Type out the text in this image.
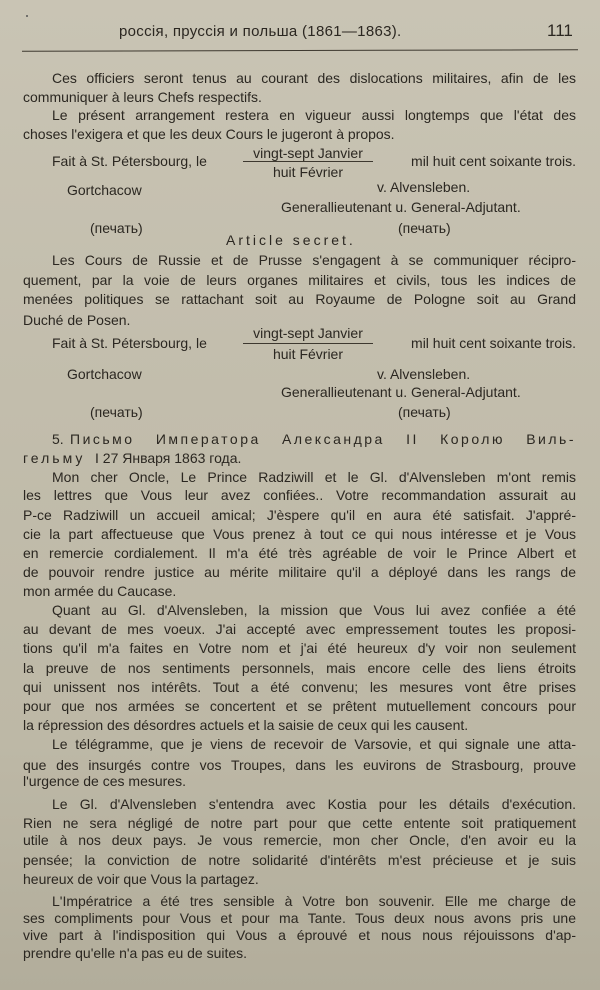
россія, пруссія и польша (1861—1863).	111
Ces officiers seront tenus au courant des dislocations militaires, afin de les
communiquer à leurs Chefs respectifs.
Le présent arrangement restera en vigueur aussi longtemps que l'état des
choses l'exigera et que les deux Cours le jugeront à propos.
Fait à St. Pétersbourg, le	vingt-sept Janvier
huit Février
mil huit cent soixante trois.
Gortchacow	v. Alvensleben.
Generallieutenant u. General-Adjutant.
(печать)	(печать)
Article secret.
Les Cours de Russie et de Prusse s'engagent à se communiquer récipro-
quement, par la voie de leurs organes militaires et civils, tous les indices de
menées politiques se rattachant soit au Royaume de Pologne soit au Grand
Duché de Posen.
Fait à St. Pétersbourg, le
vingt-sept Janvier
huit Février
mil huit cent soixante trois.
Gortchacow	v. Alvensleben.
Generallieutenant u. General-Adjutant.
(печать)	(печать)
5. Письмо Императора Александра II Королю Виль-
гельму I 27 Января 1863 года.
Mon cher Oncle, Le Prince Radziwill et le Gl. d'Alvensleben m'ont remis
les lettres que Vous leur avez confiées.. Votre recommandation assurait au
P-ce Radziwill un accueil amical; J'èspere qu'il en aura été satisfait. J'appré-
cie la part affectueuse que Vous prenez à tout ce qui nous intéresse et je Vous
en remercie cordialement. Il m'a été très agréable de voir le Prince Albert et
de pouvoir rendre justice au mérite militaire qu'il a déployé dans les rangs de
mon armée du Caucase.
Quant au Gl. d'Alvensleben, la mission que Vous lui avez confiée a été
au devant de mes voeux. J'ai accepté avec empressement toutes les proposi-
tions qu'il m'a faites en Votre nom et j'ai été heureux d'y voir non seulement
la preuve de nos sentiments personnels, mais encore celle des liens étroits
qui unissent nos intérêts. Tout a été convenu; les mesures vont être prises
pour que nos armées se concertent et se prêtent mutuellement concours pour
la répression des désordres actuels et la saisie de ceux qui les causent.
Le télégramme, que je viens de recevoir de Varsovie, et qui signale une atta-
que des insurgés contre vos Troupes, dans les euvirons de Strasbourg, prouve
l'urgence de ces mesures.
Le Gl. d'Alvensleben s'entendra avec Kostia pour les détails d'exécution.
Rien ne sera négligé de notre part pour que cette entente soit pratiquement
utile à nos deux pays. Je vous remercie, mon cher Oncle, d'en avoir eu la
pensée; la conviction de notre solidarité d'intérêts m'est précieuse et je suis
heureux de voir que Vous la partagez.
L'Impératrice a été tres sensible à Votre bon souvenir. Elle me charge de
ses compliments pour Vous et pour ma Tante. Tous deux nous avons pris une
vive part à l'indisposition qui Vous a éprouvé et nous nous réjouissons d'ap-
prendre qu'elle n'a pas eu de suites.
